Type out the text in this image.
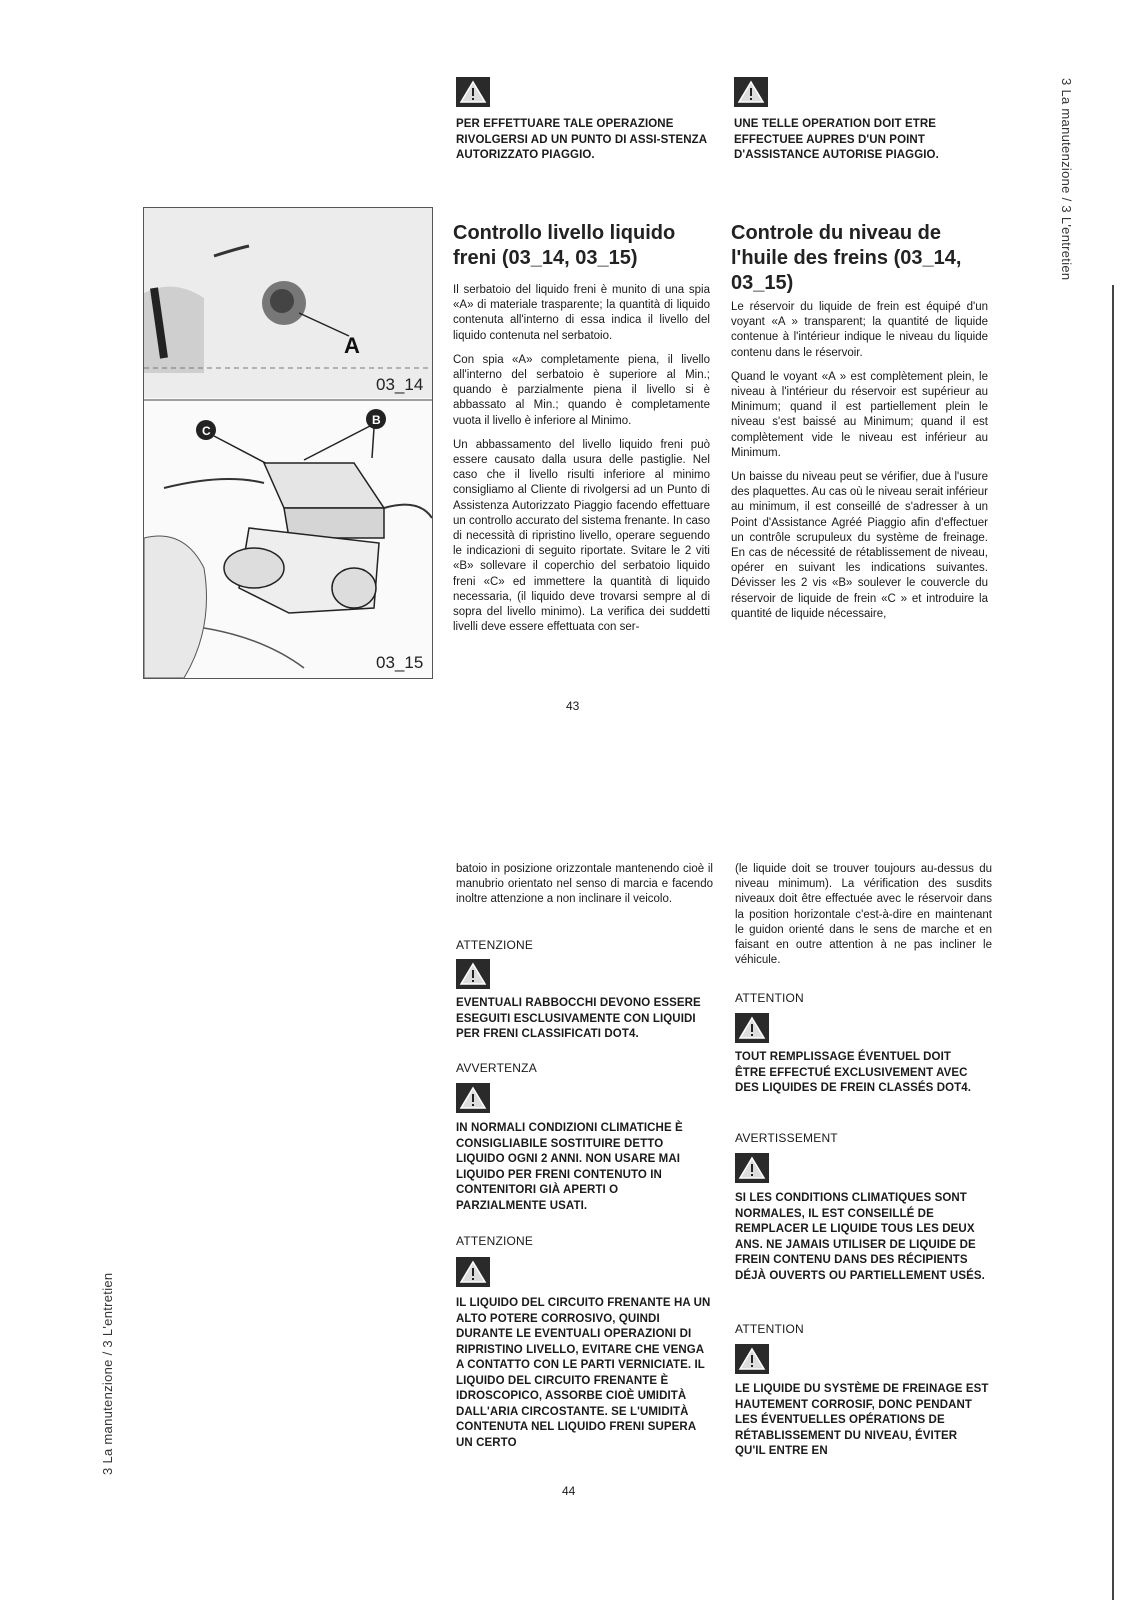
3 La manutenzione / 3 L'entretien
3 La manutenzione / 3 L'entretien
PER EFFETTUARE TALE OPERAZIONE RIVOLGERSI AD UN PUNTO DI ASSI-STENZA AUTORIZZATO PIAGGIO.
UNE TELLE OPERATION DOIT ETRE EFFECTUEE AUPRES D'UN POINT D'ASSISTANCE AUTORISE PIAGGIO.
A
03_14
C
B
03_15
Controllo livello liquido freni (03_14, 03_15)
Controle du niveau de l'huile des freins (03_14, 03_15)

Il serbatoio del liquido freni è munito di una spia «A» di materiale trasparente; la quantità di liquido contenuta all'interno di essa indica il livello del liquido contenuta nel serbatoio.

Con spia «A» completamente piena, il livello all'interno del serbatoio è superiore al Min.; quando è parzialmente piena il livello si è abbassato al Min.; quando è completamente vuota il livello è inferiore al Minimo.

Un abbassamento del livello liquido freni può essere causato dalla usura delle pastiglie. Nel caso che il livello risulti inferiore al minimo consigliamo al Cliente di rivolgersi ad un Punto di Assistenza Autorizzato Piaggio facendo effettuare un controllo accurato del sistema frenante. In caso di necessità di ripristino livello, operare seguendo le indicazioni di seguito riportate. Svitare le 2 viti «B» sollevare il coperchio del serbatoio liquido freni «C» ed immettere la quantità di liquido necessaria, (il liquido deve trovarsi sempre al di sopra del livello minimo). La verifica dei suddetti livelli deve essere effettuata con ser-

Le réservoir du liquide de frein est équipé d'un voyant «A » transparent; la quantité de liquide contenue à l'intérieur indique le niveau du liquide contenu dans le réservoir.

Quand le voyant «A » est complètement plein, le niveau à l'intérieur du réservoir est supérieur au Minimum; quand il est partiellement plein le niveau s'est baissé au Minimum; quand il est complètement vide le niveau est inférieur au Minimum.

Un baisse du niveau peut se vérifier, due à l'usure des plaquettes. Au cas où le niveau serait inférieur au minimum, il est conseillé de s'adresser à un Point d'Assistance Agréé Piaggio afin d'effectuer un contrôle scrupuleux du système de freinage. En cas de nécessité de rétablissement de niveau, opérer en suivant les indications suivantes. Dévisser les 2 vis «B» soulever le couvercle du réservoir de liquide de frein «C » et introduire la quantité de liquide nécessaire,

43

batoio in posizione orizzontale mantenendo cioè il manubrio orientato nel senso di marcia e facendo inoltre attenzione a non inclinare il veicolo.

(le liquide doit se trouver toujours au-dessus du niveau minimum). La vérification des susdits niveaux doit être effectuée avec le réservoir dans la position horizontale c'est-à-dire en maintenant le guidon orienté dans le sens de marche et en faisant en outre attention à ne pas incliner le véhicule.

ATTENZIONE
EVENTUALI RABBOCCHI DEVONO ESSERE ESEGUITI ESCLUSIVAMENTE CON LIQUIDI PER FRENI CLASSIFICATI DOT4.
AVVERTENZA
IN NORMALI CONDIZIONI CLIMATICHE È CONSIGLIABILE SOSTITUIRE DETTO LIQUIDO OGNI 2 ANNI. NON USARE MAI LIQUIDO PER FRENI CONTENUTO IN CONTENITORI GIÀ APERTI O PARZIALMENTE USATI.
ATTENZIONE
IL LIQUIDO DEL CIRCUITO FRENANTE HA UN ALTO POTERE CORROSIVO, QUINDI DURANTE LE EVENTUALI OPERAZIONI DI RIPRISTINO LIVELLO, EVITARE CHE VENGA A CONTATTO CON LE PARTI VERNICIATE. IL LIQUIDO DEL CIRCUITO FRENANTE È IDROSCOPICO, ASSORBE CIOÈ UMIDITÀ DALL'ARIA CIRCOSTANTE. SE L'UMIDITÀ CONTENUTA NEL LIQUIDO FRENI SUPERA UN CERTO
ATTENTION
TOUT REMPLISSAGE ÉVENTUEL DOIT ÊTRE EFFECTUÉ EXCLUSIVEMENT AVEC DES LIQUIDES DE FREIN CLASSÉS DOT4.
AVERTISSEMENT
SI LES CONDITIONS CLIMATIQUES SONT NORMALES, IL EST CONSEILLÉ DE REMPLACER LE LIQUIDE TOUS LES DEUX ANS. NE JAMAIS UTILISER DE LIQUIDE DE FREIN CONTENU DANS DES RÉCIPIENTS DÉJÀ OUVERTS OU PARTIELLEMENT USÉS.
ATTENTION
LE LIQUIDE DU SYSTÈME DE FREINAGE EST HAUTEMENT CORROSIF, DONC PENDANT LES ÉVENTUELLES OPÉRATIONS DE RÉTABLISSEMENT DU NIVEAU, ÉVITER QU'IL ENTRE EN
44
